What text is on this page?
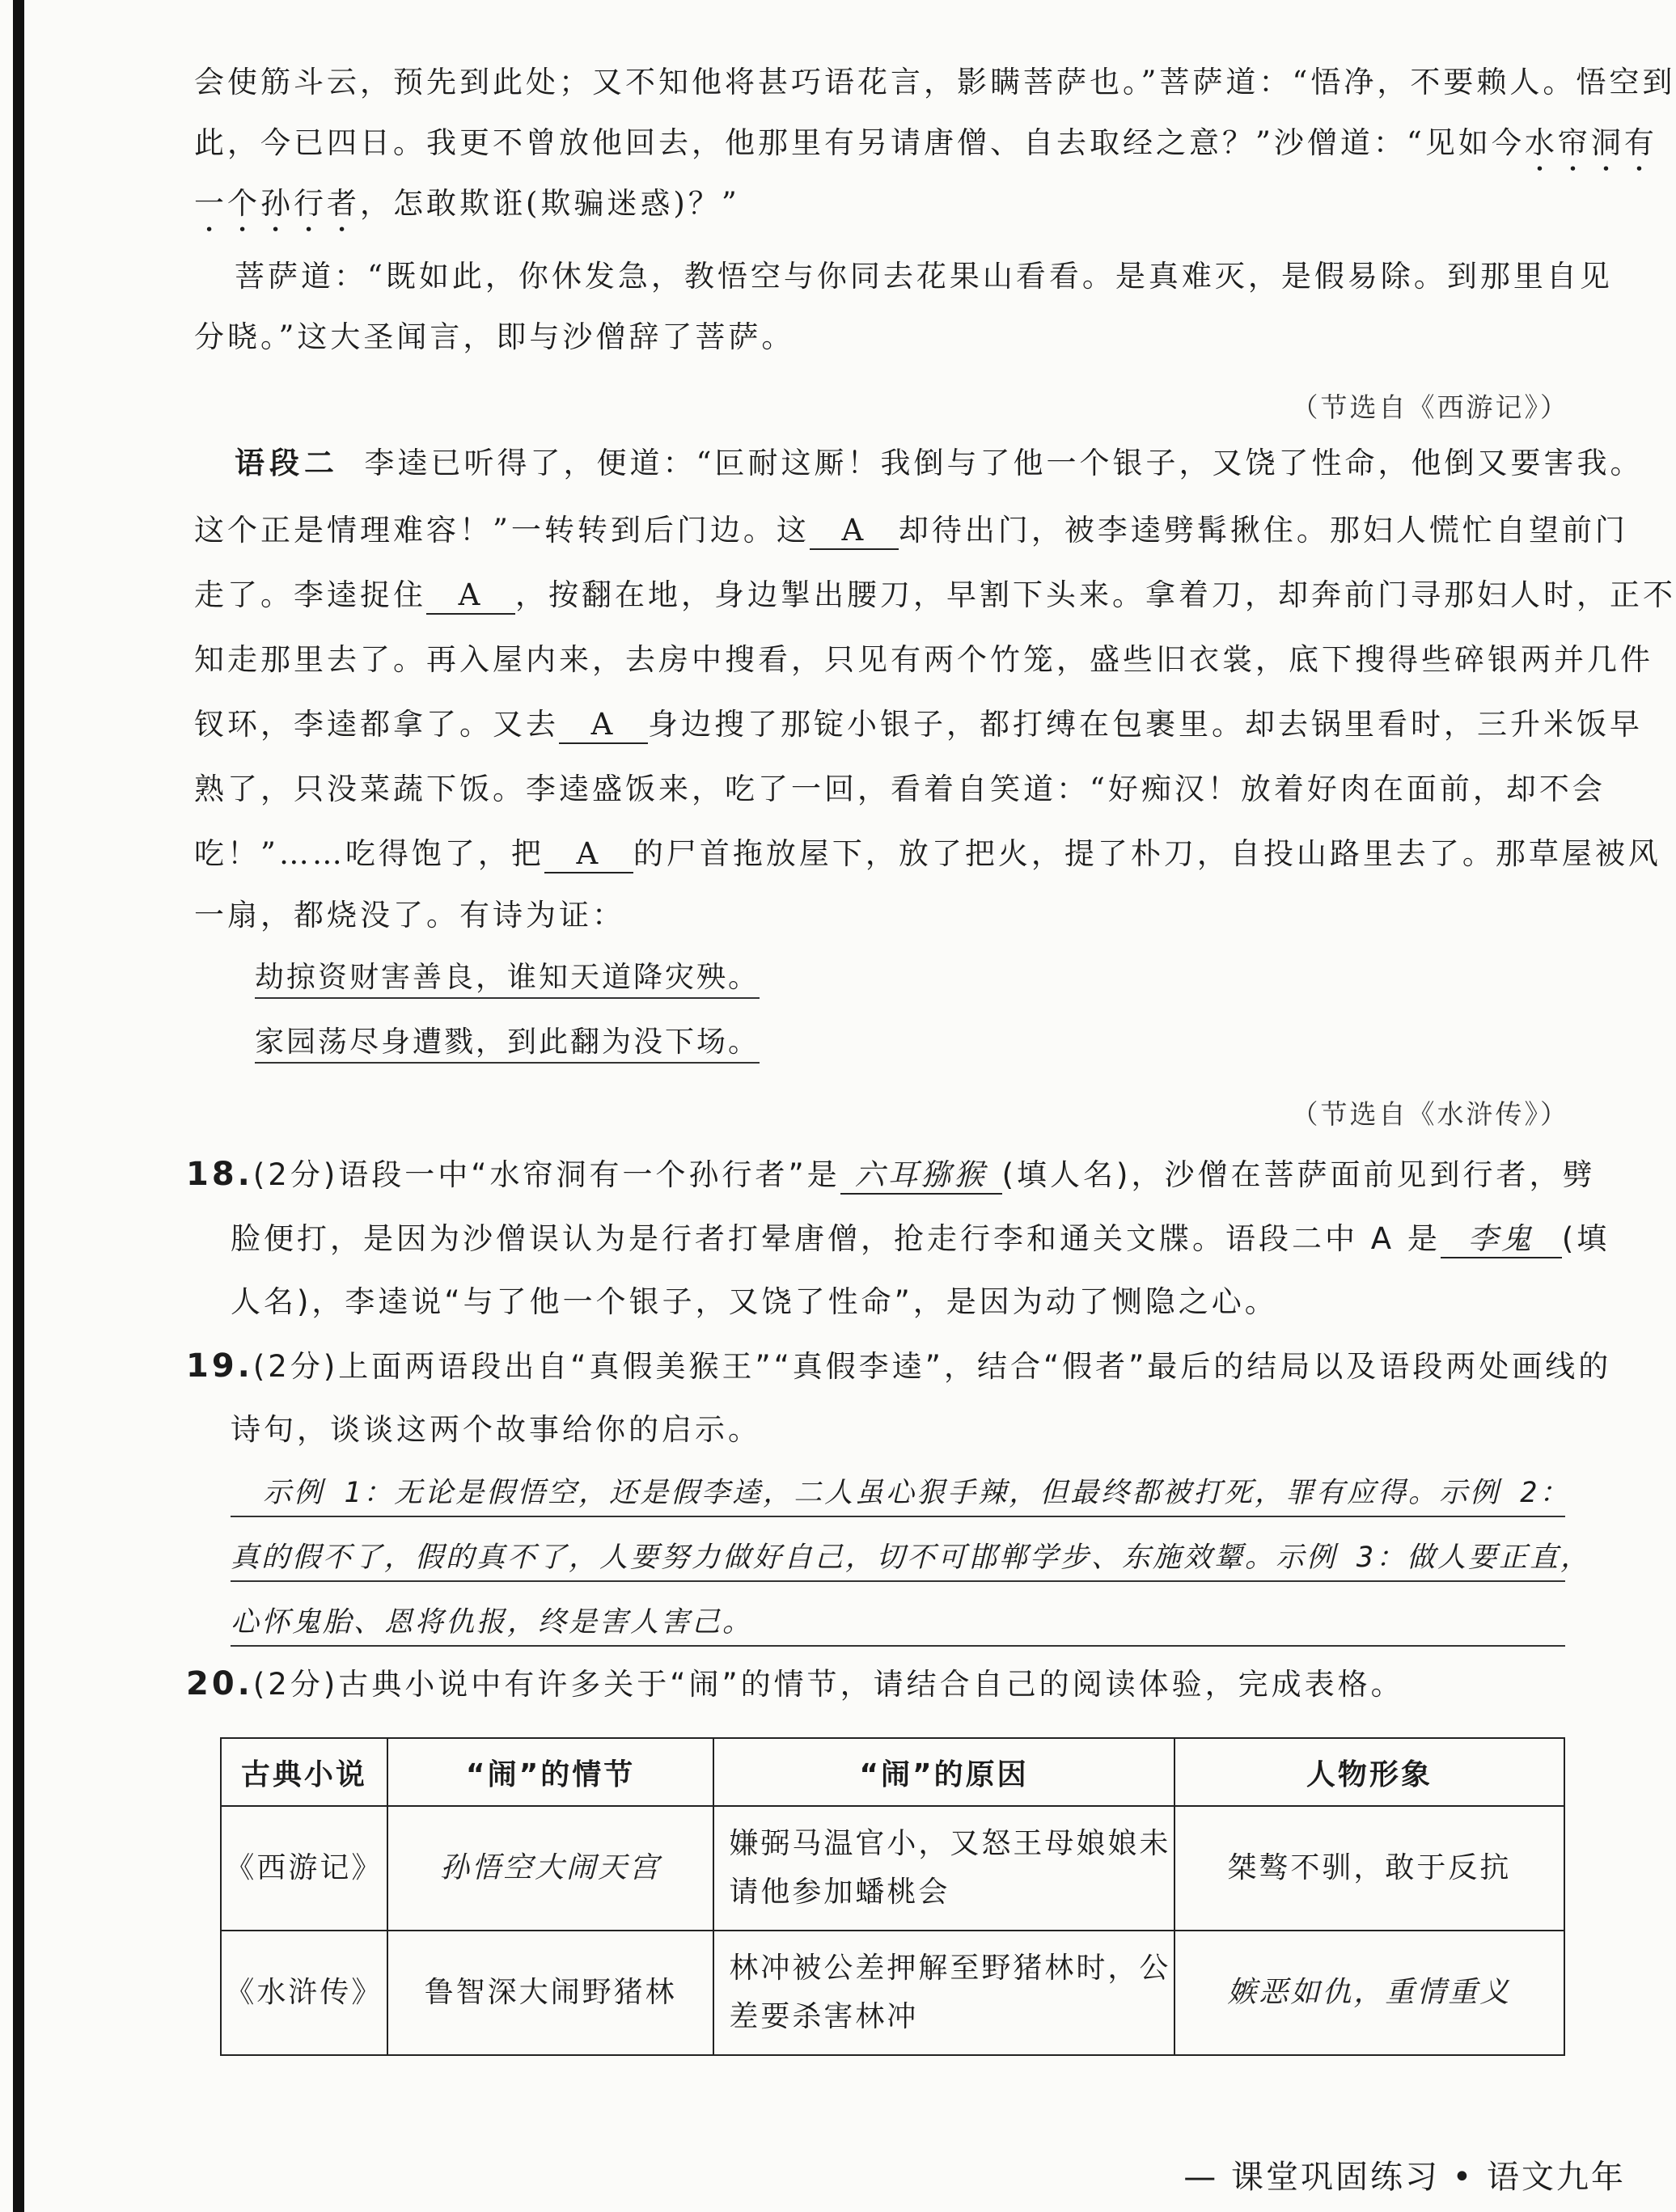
会使筋斗云，预先到此处；又不知他将甚巧语花言，影瞒菩萨也。”菩萨道：“悟净，不要赖人。悟空到
此，今已四日。我更不曾放他回去，他那里有另请唐僧、自去取经之意？”沙僧道：“见如今水帘洞有
一个孙行者，怎敢欺诳(欺骗迷惑)？”
菩萨道：“既如此，你休发急，教悟空与你同去花果山看看。是真难灭，是假易除。到那里自见
分晓。”这大圣闻言，即与沙僧辞了菩萨。
（节选自《西游记》）
语段二 李逵已听得了，便道：“叵耐这厮！我倒与了他一个银子，又饶了性命，他倒又要害我。
这个正是情理难容！”一转转到后门边。这 A 却待出门，被李逵劈髯揪住。那妇人慌忙自望前门
走了。李逵捉住 A ，按翻在地，身边掣出腰刀，早割下头来。拿着刀，却奔前门寻那妇人时，正不
知走那里去了。再入屋内来，去房中搜看，只见有两个竹笼，盛些旧衣裳，底下搜得些碎银两并几件
钗环，李逵都拿了。又去 A 身边搜了那锭小银子，都打缚在包裹里。却去锅里看时，三升米饭早
熟了，只没菜蔬下饭。李逵盛饭来，吃了一回，看着自笑道：“好痴汉！放着好肉在面前，却不会
吃！”……吃得饱了，把 A 的尸首拖放屋下，放了把火，提了朴刀，自投山路里去了。那草屋被风
一扇，都烧没了。有诗为证：
劫掠资财害善良，谁知天道降灾殃。
家园荡尽身遭戮，到此翻为没下场。
（节选自《水浒传》）
18.(2分)语段一中“水帘洞有一个孙行者”是 六耳猕猴 (填人名)，沙僧在菩萨面前见到行者，劈
脸便打，是因为沙僧误认为是行者打晕唐僧，抢走行李和通关文牒。语段二中 A 是 李鬼 (填
人名)，李逵说“与了他一个银子，又饶了性命”，是因为动了恻隐之心。
19.(2分)上面两语段出自“真假美猴王”“真假李逵”，结合“假者”最后的结局以及语段两处画线的
诗句，谈谈这两个故事给你的启示。
示例 1：无论是假悟空，还是假李逵，二人虽心狠手辣，但最终都被打死，罪有应得。示例 2：
真的假不了，假的真不了，人要努力做好自己，切不可邯郸学步、东施效颦。示例 3：做人要正直，
心怀鬼胎、恩将仇报，终是害人害己。
20.(2分)古典小说中有许多关于“闹”的情节，请结合自己的阅读体验，完成表格。
古典小说	“闹”的情节	“闹”的原因	人物形象
《西游记》	孙悟空大闹天宫	嫌弼马温官小，又怒王母娘娘未请他参加蟠桃会	桀骜不驯，敢于反抗
《水浒传》	鲁智深大闹野猪林	林冲被公差押解至野猪林时，公差要杀害林冲	嫉恶如仇，重情重义
— 课堂巩固练习 • 语文九年
